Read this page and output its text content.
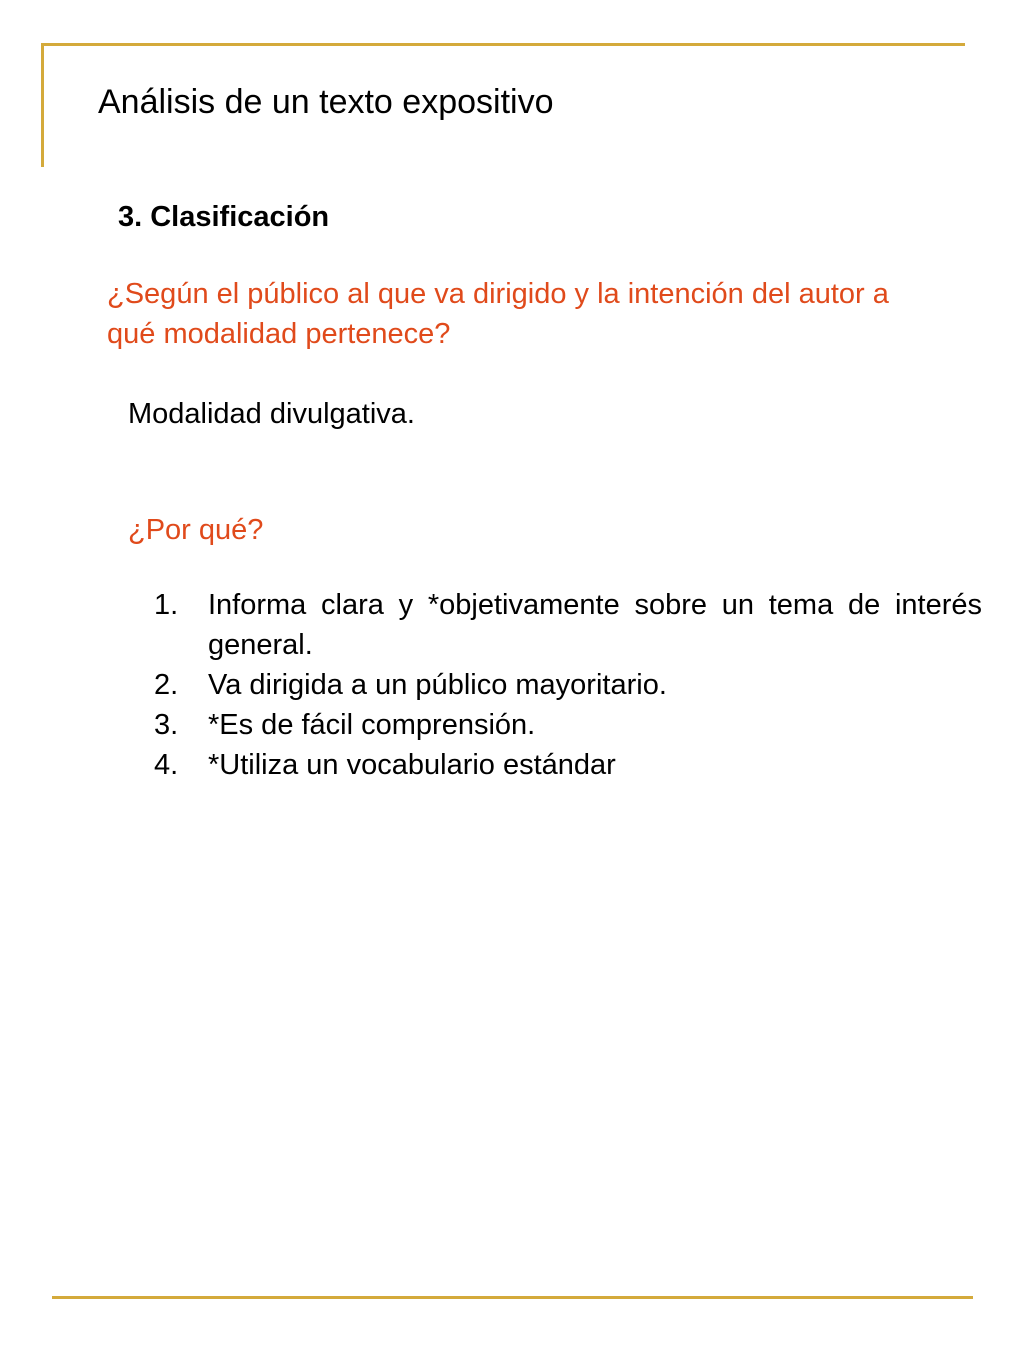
Análisis de un texto expositivo
3. Clasificación

¿Según el público al que va dirigido y la intención del autor a qué modalidad pertenece?

Modalidad divulgativa.

¿Por qué?

1.	Informa clara y *objetivamente sobre un tema de interés general.
2.	Va dirigida a un público mayoritario.
3.	*Es de fácil comprensión.
4.	*Utiliza un vocabulario estándar
